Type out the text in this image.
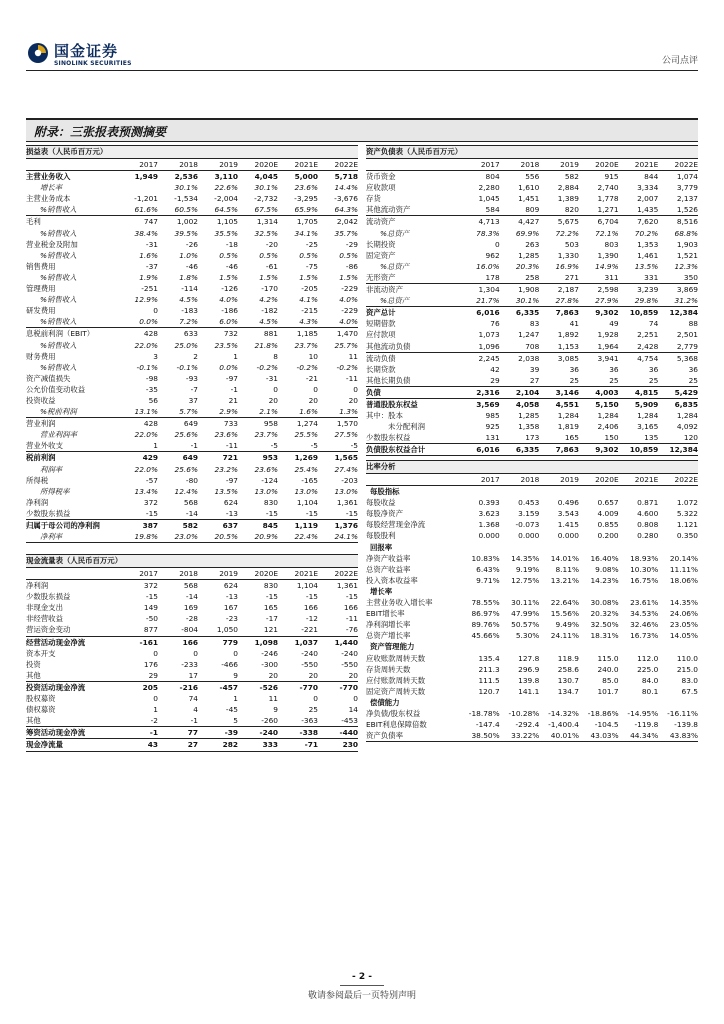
国金证券
SINOLINK SECURITIES	公司点评
附录：三张报表预测摘要
损益表（人民币百万元）						
	2017	2018	2019	2020E	2021E	2022E
主营业务收入	1,949	2,536	3,110	4,045	5,000	5,718
增长率		30.1%	22.6%	30.1%	23.6%	14.4%
主营业务成本	-1,201	-1,534	-2,004	-2,732	-3,295	-3,676
%销售收入	61.6%	60.5%	64.5%	67.5%	65.9%	64.3%
毛利	747	1,002	1,105	1,314	1,705	2,042
%销售收入	38.4%	39.5%	35.5%	32.5%	34.1%	35.7%
营业税金及附加	-31	-26	-18	-20	-25	-29
%销售收入	1.6%	1.0%	0.5%	0.5%	0.5%	0.5%
销售费用	-37	-46	-46	-61	-75	-86
%销售收入	1.9%	1.8%	1.5%	1.5%	1.5%	1.5%
管理费用	-251	-114	-126	-170	-205	-229
%销售收入	12.9%	4.5%	4.0%	4.2%	4.1%	4.0%
研发费用	0	-183	-186	-182	-215	-229
%销售收入	0.0%	7.2%	6.0%	4.5%	4.3%	4.0%
息税前利润（EBIT）	428	633	732	881	1,185	1,470
%销售收入	22.0%	25.0%	23.5%	21.8%	23.7%	25.7%
财务费用	3	2	1	8	10	11
%销售收入	-0.1%	-0.1%	0.0%	-0.2%	-0.2%	-0.2%
资产减值损失	-98	-93	-97	-31	-21	-11
公允价值变动收益	-35	-7	-1	0	0	0
投资收益	56	37	21	20	20	20
%税前利润	13.1%	5.7%	2.9%	2.1%	1.6%	1.3%
营业利润	428	649	733	958	1,274	1,570
营业利润率	22.0%	25.6%	23.6%	23.7%	25.5%	27.5%
营业外收支	1	-1	-11	-5	-5	-5
税前利润	429	649	721	953	1,269	1,565
利润率	22.0%	25.6%	23.2%	23.6%	25.4%	27.4%
所得税	-57	-80	-97	-124	-165	-203
所得税率	13.4%	12.4%	13.5%	13.0%	13.0%	13.0%
净利润	372	568	624	830	1,104	1,361
少数股东损益	-15	-14	-13	-15	-15	-15
归属于母公司的净利润	387	582	637	845	1,119	1,376
净利率	19.8%	23.0%	20.5%	20.9%	22.4%	24.1%
资产负债表（人民币百万元）						
	2017	2018	2019	2020E	2021E	2022E
货币资金	804	556	582	915	844	1,074
应收款项	2,280	1,610	2,884	2,740	3,334	3,779
存货	1,045	1,451	1,389	1,778	2,007	2,137
其他流动资产	584	809	820	1,271	1,435	1,526
流动资产	4,713	4,427	5,675	6,704	7,620	8,516
%总资产	78.3%	69.9%	72.2%	72.1%	70.2%	68.8%
长期投资	0	263	503	803	1,353	1,903
固定资产	962	1,285	1,330	1,390	1,461	1,521
%总资产	16.0%	20.3%	16.9%	14.9%	13.5%	12.3%
无形资产	178	258	271	311	331	350
非流动资产	1,304	1,908	2,187	2,598	3,239	3,869
%总资产	21.7%	30.1%	27.8%	27.9%	29.8%	31.2%
资产总计	6,016	6,335	7,863	9,302	10,859	12,384
短期借款	76	83	41	49	74	88
应付款项	1,073	1,247	1,892	1,928	2,251	2,501
其他流动负债	1,096	708	1,153	1,964	2,428	2,779
流动负债	2,245	2,038	3,085	3,941	4,754	5,368
长期贷款	42	39	36	36	36	36
其他长期负债	29	27	25	25	25	25
负债	2,316	2,104	3,146	4,003	4,815	5,429
普通股股东权益	3,569	4,058	4,551	5,150	5,909	6,835
其中：股本	985	1,285	1,284	1,284	1,284	1,284
未分配利润	925	1,358	1,819	2,406	3,165	4,092
少数股东权益	131	173	165	150	135	120
负债股东权益合计	6,016	6,335	7,863	9,302	10,859	12,384
现金流量表（人民币百万元）						
	2017	2018	2019	2020E	2021E	2022E
净利润	372	568	624	830	1,104	1,361
少数股东损益	-15	-14	-13	-15	-15	-15
非现金支出	149	169	167	165	166	166
非经营收益	-50	-28	-23	-17	-12	-11
营运资金变动	877	-804	1,050	121	-221	-76
经营活动现金净流	-161	166	779	1,098	1,037	1,440
资本开支	0	0	0	-246	-240	-240
投资	176	-233	-466	-300	-550	-550
其他	29	17	9	20	20	20
投资活动现金净流	205	-216	-457	-526	-770	-770
股权募资	0	74	1	11	0	0
债权募资	1	4	-45	9	25	14
其他	-2	-1	5	-260	-363	-453
筹资活动现金净流	-1	77	-39	-240	-338	-440
现金净流量	43	27	282	333	-71	230
比率分析						
	2017	2018	2019	2020E	2021E	2022E
每股指标						
每股收益	0.393	0.453	0.496	0.657	0.871	1.072
每股净资产	3.623	3.159	3.543	4.009	4.600	5.322
每股经营现金净流	1.368	-0.073	1.415	0.855	0.808	1.121
每股股利	0.000	0.000	0.000	0.200	0.280	0.350
回报率						
净资产收益率	10.83%	14.35%	14.01%	16.40%	18.93%	20.14%
总资产收益率	6.43%	9.19%	8.11%	9.08%	10.30%	11.11%
投入资本收益率	9.71%	12.75%	13.21%	14.23%	16.75%	18.06%
增长率						
主营业务收入增长率	78.55%	30.11%	22.64%	30.08%	23.61%	14.35%
EBIT增长率	86.97%	47.99%	15.56%	20.32%	34.53%	24.06%
净利润增长率	89.76%	50.57%	9.49%	32.50%	32.46%	23.05%
总资产增长率	45.66%	5.30%	24.11%	18.31%	16.73%	14.05%
资产管理能力						
应收账款周转天数	135.4	127.8	118.9	115.0	112.0	110.0
存货周转天数	211.3	296.9	258.6	240.0	225.0	215.0
应付账款周转天数	111.5	139.8	130.7	85.0	84.0	83.0
固定资产周转天数	120.7	141.1	134.7	101.7	80.1	67.5
偿债能力						
净负债/股东权益	-18.78%	-10.28%	-14.32%	-18.86%	-14.95%	-16.11%
EBIT利息保障倍数	-147.4	-292.4	-1,400.4	-104.5	-119.8	-139.8
资产负债率	38.50%	33.22%	40.01%	43.03%	44.34%	43.83%
- 2 -
敬请参阅最后一页特别声明
